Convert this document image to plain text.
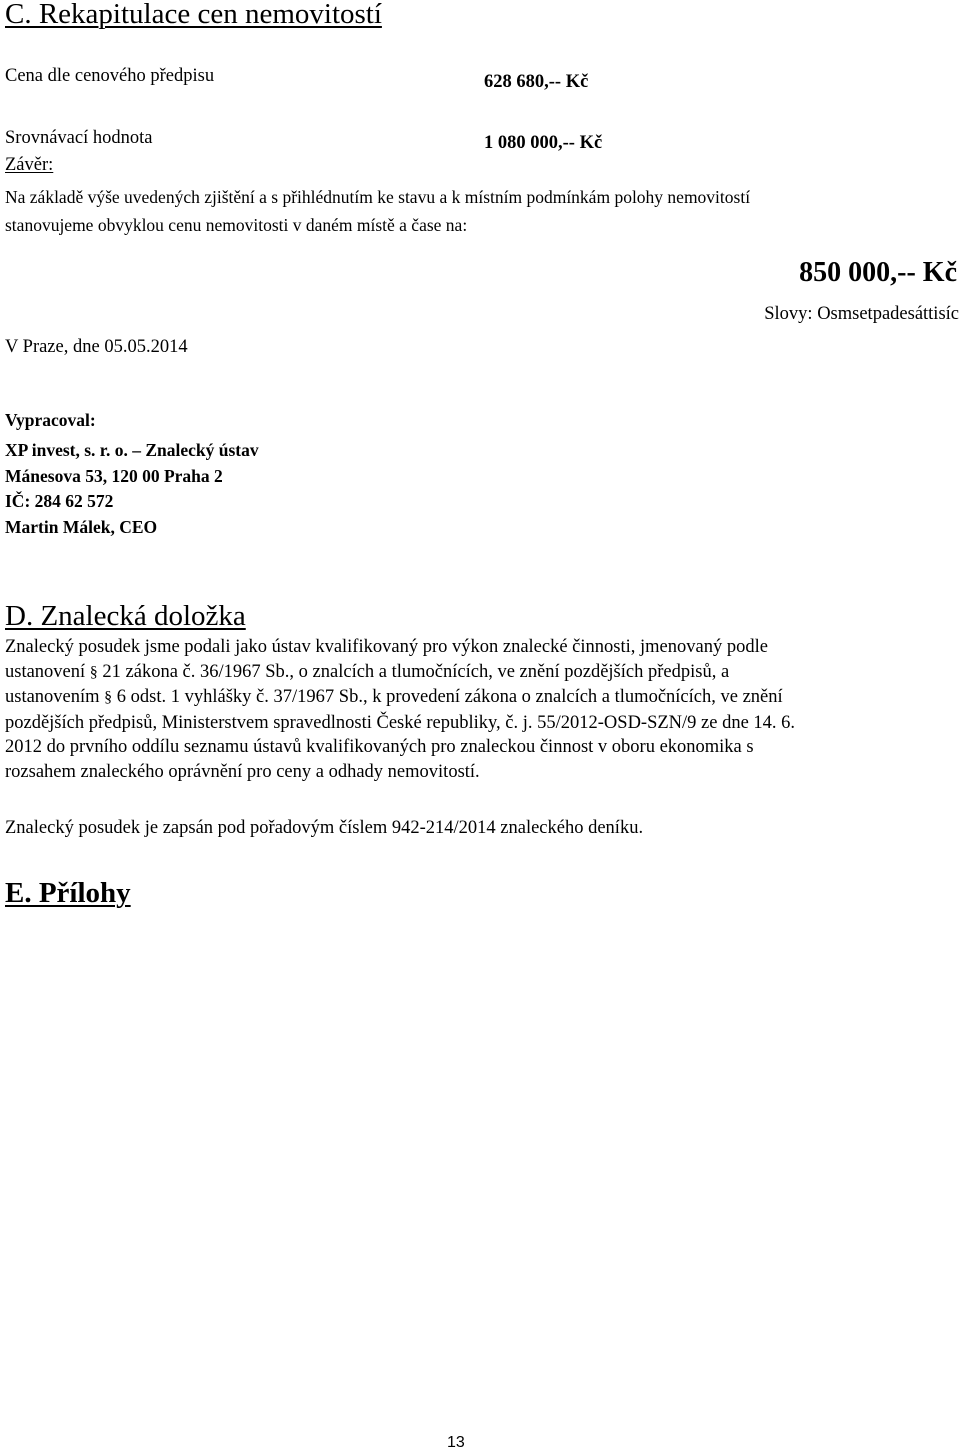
C. Rekapitulace cen nemovitostí
Cena dle cenového předpisu	628 680,-- Kč
Srovnávací hodnota	1 080 000,-- Kč
Závěr:
Na základě výše uvedených zjištění a s přihlédnutím ke stavu a k místním podmínkám polohy nemovitostí
stanovujeme obvyklou cenu nemovitosti v daném místě a čase na:
850 000,-- Kč
Slovy: Osmsetpadesáttisíc
V Praze, dne 05.05.2014
Vypracoval:
XP invest, s. r. o. – Znalecký ústav
Mánesova 53, 120 00 Praha 2
IČ: 284 62 572
Martin Málek, CEO
D. Znalecká doložka

Znalecký posudek jsme podali jako ústav kvalifikovaný pro výkon znalecké činnosti, jmenovaný podle

ustanovení § 21 zákona č. 36/1967 Sb., o znalcích a tlumočnících, ve znění pozdějších předpisů, a

ustanovením § 6 odst. 1 vyhlášky č. 37/1967 Sb., k provedení zákona o znalcích a tlumočnících, ve znění

pozdějších předpisů, Ministerstvem spravedlnosti České republiky, č. j. 55/2012-OSD-SZN/9 ze dne 14. 6.

2012 do prvního oddílu seznamu ústavů kvalifikovaných pro znaleckou činnost v oboru ekonomika s

rozsahem znaleckého oprávnění pro ceny a odhady nemovitostí.

Znalecký posudek je zapsán pod pořadovým číslem 942-214/2014 znaleckého deníku.
E. Přílohy
13
